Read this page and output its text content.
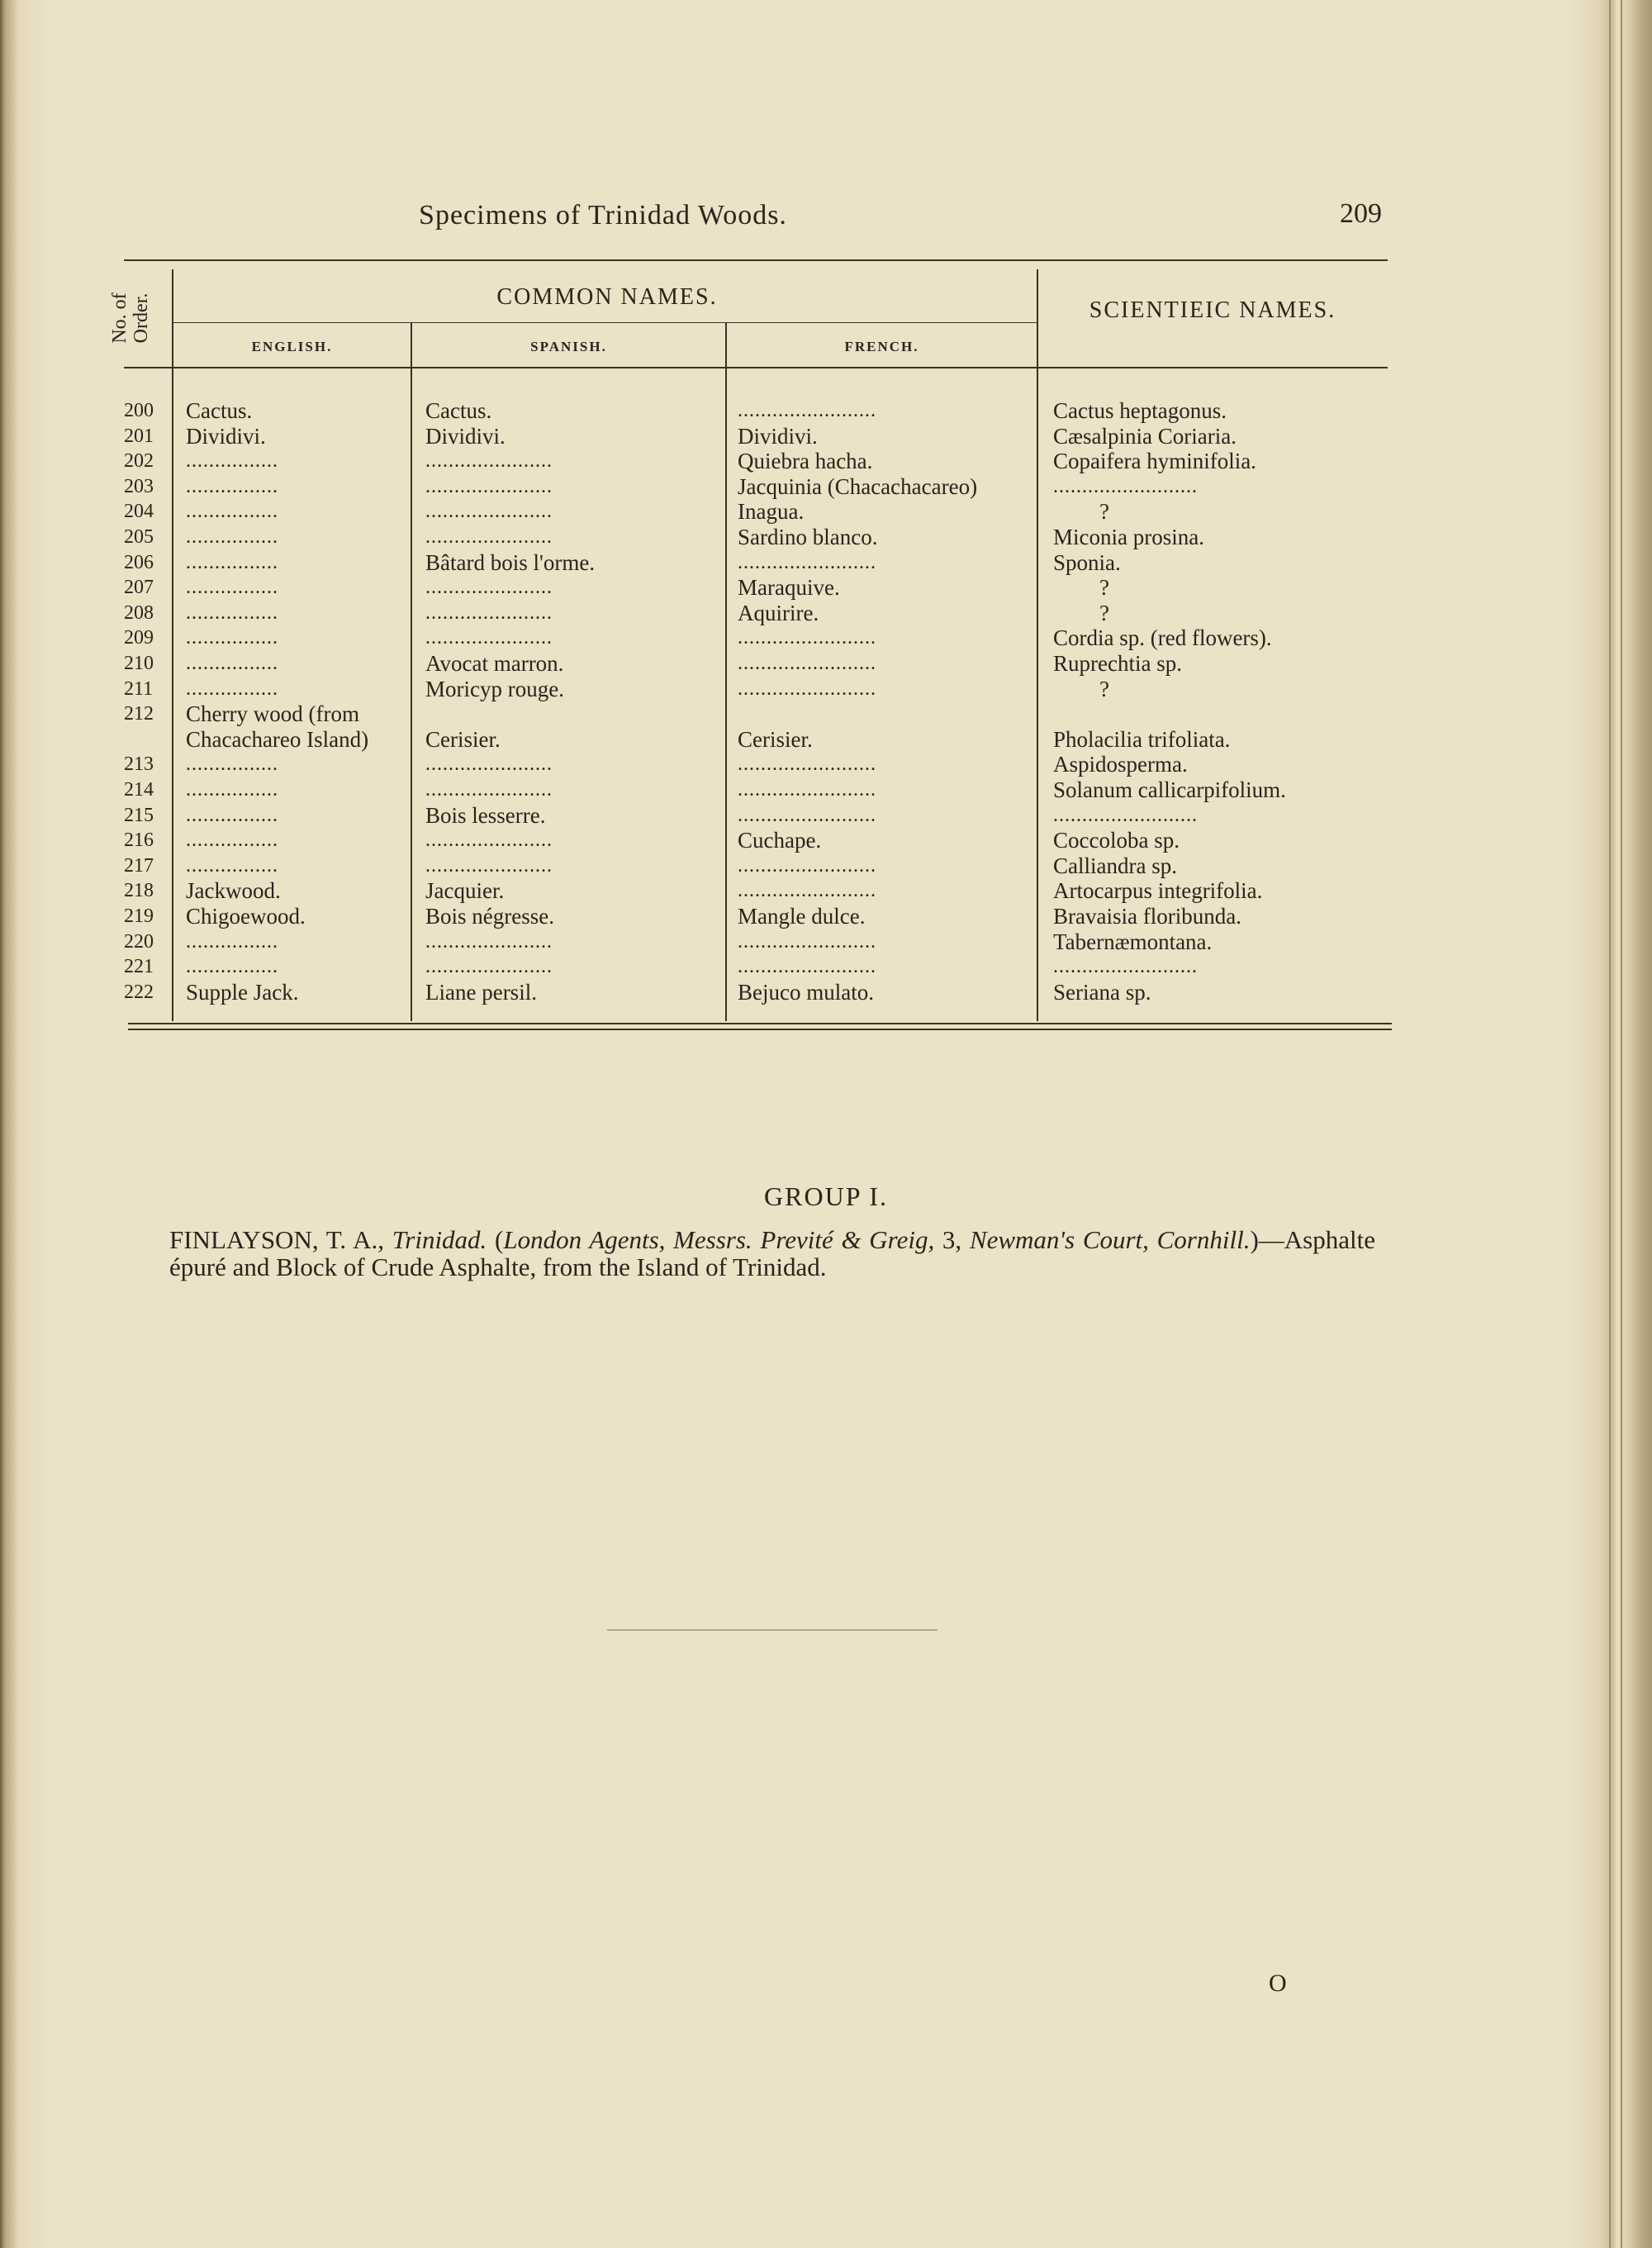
Specimens of Trinidad Woods.	209
No. of Order.	COMMON NAMES.
SCIENTIEIC NAMES.
ENGLISH.	SPANISH.	FRENCH.
200	Cactus.	Cactus.	........................	Cactus heptagonus.
201	Dividivi.	Dividivi.	Dividivi.	Cæsalpinia Coriaria.
202	................	......................	Quiebra hacha.	Copaifera hyminifolia.
203	................	......................	Jacquinia (Chacachacareo)	.........................
204	................	......................	Inagua.	?
205	................	......................	Sardino blanco.	Miconia prosina.
206	................	Bâtard bois l'orme.	........................	Sponia.
207	................	......................	Maraquive.	?
208	................	......................	Aquirire.	?
209	................	......................	........................	Cordia sp. (red flowers).
210	................	Avocat marron.	........................	Ruprechtia sp.
211	................	Moricyp rouge.	........................	?
212	Cherry wood (from
Chacachareo Island)	Cerisier.	Cerisier.	Pholacilia trifoliata.
213	................	......................	........................	Aspidosperma.
214	................	......................	........................	Solanum callicarpifolium.
215	................	Bois lesserre.	........................	.........................
216	................	......................	Cuchape.	Coccoloba sp.
217	................	......................	........................	Calliandra sp.
218	Jackwood.	Jacquier.	........................	Artocarpus integrifolia.
219	Chigoewood.	Bois négresse.	Mangle dulce.	Bravaisia floribunda.
220	................	......................	........................	Tabernæmontana.
221	................	......................	........................	.........................
222	Supple Jack.	Liane persil.	Bejuco mulato.	Seriana sp.
GROUP I.
FINLAYSON, T. A., Trinidad. (London Agents, Messrs. Previté & Greig, 3, Newman's Court, Cornhill.)—Asphalte épuré and Block of Crude Asphalte, from the Island of Trinidad.
O
